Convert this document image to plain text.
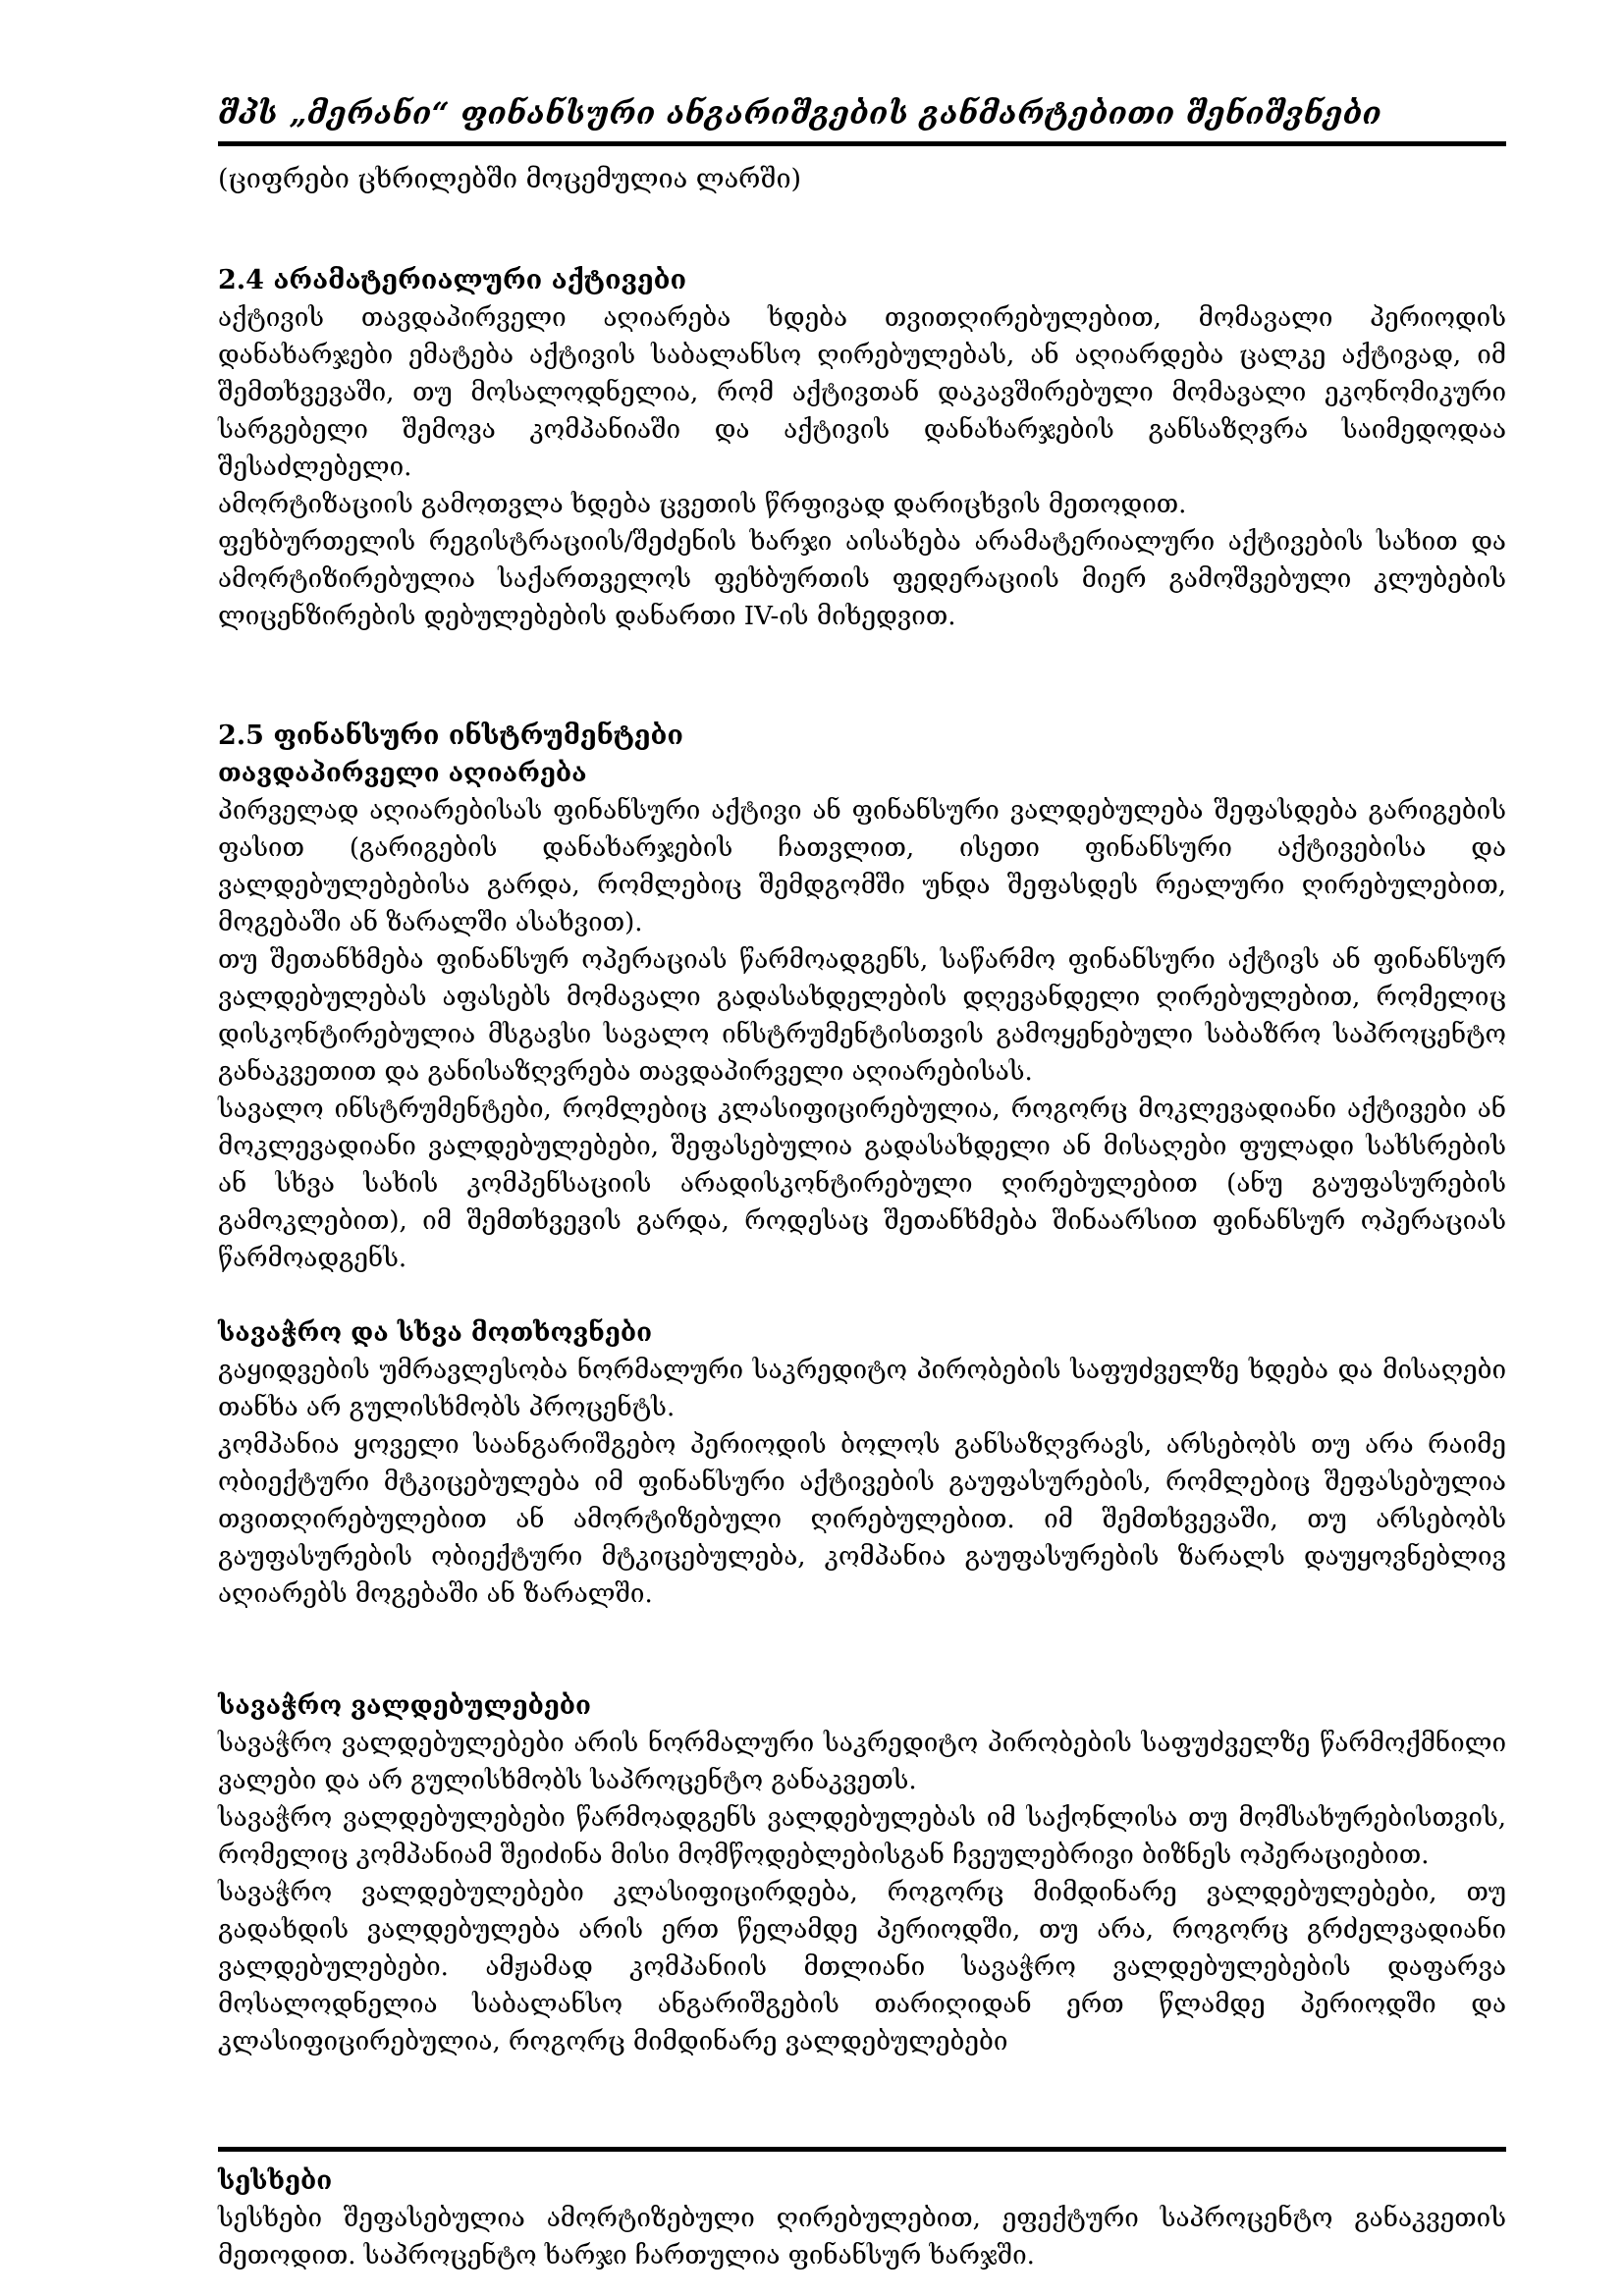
შპს „მერანი“ ფინანსური ანგარიშგების განმარტებითი შენიშვნები
(ციფრები ცხრილებში მოცემულია ლარში)
2.4 არამატერიალური აქტივები

აქტივის თავდაპირველი აღიარება ხდება თვითღირებულებით, მომავალი პერიოდის დანახარჯები ემატება აქტივის საბალანსო ღირებულებას, ან აღიარდება ცალკე აქტივად, იმ შემთხვევაში, თუ მოსალოდნელია, რომ აქტივთან დაკავშირებული მომავალი ეკონომიკური სარგებელი შემოვა კომპანიაში და აქტივის დანახარჯების განსაზღვრა საიმედოდაა შესაძლებელი.

ამორტიზაციის გამოთვლა ხდება ცვეთის წრფივად დარიცხვის მეთოდით.

ფეხბურთელის რეგისტრაციის/შეძენის ხარჯი აისახება არამატერიალური აქტივების სახით და ამორტიზირებულია საქართველოს ფეხბურთის ფედერაციის მიერ გამოშვებული კლუბების ლიცენზირების დებულებების დანართი IV-ის მიხედვით.

2.5 ფინანსური ინსტრუმენტები
თავდაპირველი აღიარება

პირველად აღიარებისას ფინანსური აქტივი ან ფინანსური ვალდებულება შეფასდება გარიგების ფასით (გარიგების დანახარჯების ჩათვლით, ისეთი ფინანსური აქტივებისა და ვალდებულებებისა გარდა, რომლებიც შემდგომში უნდა შეფასდეს რეალური ღირებულებით, მოგებაში ან ზარალში ასახვით).

თუ შეთანხმება ფინანსურ ოპერაციას წარმოადგენს, საწარმო ფინანსური აქტივს ან ფინანსურ ვალდებულებას აფასებს მომავალი გადასახდელების დღევანდელი ღირებულებით, რომელიც დისკონტირებულია მსგავსი სავალო ინსტრუმენტისთვის გამოყენებული საბაზრო საპროცენტო განაკვეთით და განისაზღვრება თავდაპირველი აღიარებისას.

სავალო ინსტრუმენტები, რომლებიც კლასიფიცირებულია, როგორც მოკლევადიანი აქტივები ან მოკლევადიანი ვალდებულებები, შეფასებულია გადასახდელი ან მისაღები ფულადი სახსრების ან სხვა სახის კომპენსაციის არადისკონტირებული ღირებულებით (ანუ გაუფასურების გამოკლებით), იმ შემთხვევის გარდა, როდესაც შეთანხმება შინაარსით ფინანსურ ოპერაციას წარმოადგენს.

სავაჭრო და სხვა მოთხოვნები

გაყიდვების უმრავლესობა ნორმალური საკრედიტო პირობების საფუძველზე ხდება და მისაღები თანხა არ გულისხმობს პროცენტს.

კომპანია ყოველი საანგარიშგებო პერიოდის ბოლოს განსაზღვრავს, არსებობს თუ არა რაიმე ობიექტური მტკიცებულება იმ ფინანსური აქტივების გაუფასურების, რომლებიც შეფასებულია თვითღირებულებით ან ამორტიზებული ღირებულებით. იმ შემთხვევაში, თუ არსებობს გაუფასურების ობიექტური მტკიცებულება, კომპანია გაუფასურების ზარალს დაუყოვნებლივ აღიარებს მოგებაში ან ზარალში.

სავაჭრო ვალდებულებები

სავაჭრო ვალდებულებები არის ნორმალური საკრედიტო პირობების საფუძველზე წარმოქმნილი ვალები და არ გულისხმობს საპროცენტო განაკვეთს.

სავაჭრო ვალდებულებები წარმოადგენს ვალდებულებას იმ საქონლისა თუ მომსახურებისთვის, რომელიც კომპანიამ შეიძინა მისი მომწოდებლებისგან ჩვეულებრივი ბიზნეს ოპერაციებით.

სავაჭრო ვალდებულებები კლასიფიცირდება, როგორც მიმდინარე ვალდებულებები, თუ გადახდის ვალდებულება არის ერთ წელამდე პერიოდში, თუ არა, როგორც გრძელვადიანი ვალდებულებები. ამჟამად კომპანიის მთლიანი სავაჭრო ვალდებულებების დაფარვა მოსალოდნელია საბალანსო ანგარიშგების თარიღიდან ერთ წლამდე პერიოდში და კლასიფიცირებულია, როგორც მიმდინარე ვალდებულებები

სესხები

სესხები შეფასებულია ამორტიზებული ღირებულებით, ეფექტური საპროცენტო განაკვეთის მეთოდით. საპროცენტო ხარჯი ჩართულია ფინანსურ ხარჯში.
